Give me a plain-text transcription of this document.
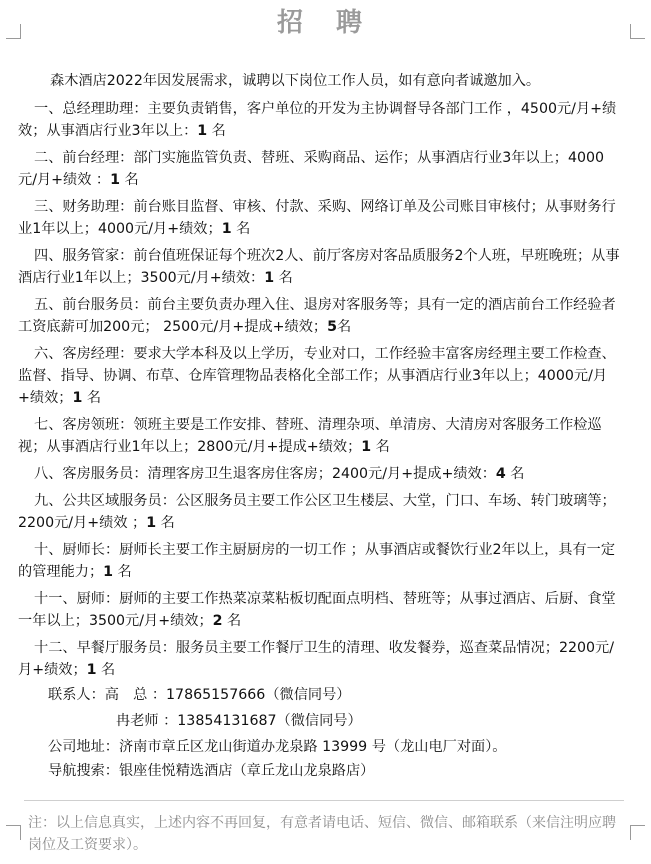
招 聘

森木酒店2022年因发展需求，诚聘以下岗位工作人员，如有意向者诚邀加入。

一、总经理助理：主要负责销售，客户单位的开发为主协调督导各部门工作 ，4500元/月+绩效；从事酒店行业3年以上：1 名

二、前台经理：部门实施监管负责、替班、采购商品、运作；从事酒店行业3年以上；4000元/月+绩效 ：1 名

三、财务助理：前台账目监督、审核、付款、采购、网络订单及公司账目审核付；从事财务行业1年以上；4000元/月+绩效；1 名

四、服务管家：前台值班保证每个班次2人、前厅客房对客品质服务2个人班，早班晚班；从事酒店行业1年以上；3500元/月+绩效：1 名

五、前台服务员：前台主要负责办理入住、退房对客服务等；具有一定的酒店前台工作经验者工资底薪可加200元； 2500元/月+提成+绩效；5名

六、客房经理：要求大学本科及以上学历，专业对口，工作经验丰富客房经理主要工作检查、监督、指导、协调、布草、仓库管理物品表格化全部工作；从事酒店行业3年以上；4000元/月+绩效；1 名

七、客房领班：领班主要是工作安排、替班、清理杂项、单清房、大清房对客服务工作检巡视；从事酒店行业1年以上；2800元/月+提成+绩效；1 名

八、客房服务员：清理客房卫生退客房住客房；2400元/月+提成+绩效：4 名

九、公共区域服务员：公区服务员主要工作公区卫生楼层、大堂，门口、车场、转门玻璃等；2200元/月+绩效 ；1 名

十、厨师长：厨师长主要工作主厨厨房的一切工作 ；从事酒店或餐饮行业2年以上，具有一定的管理能力；1 名

十一、厨师：厨师的主要工作热菜凉菜粘板切配面点明档、替班等；从事过酒店、后厨、食堂一年以上；3500元/月+绩效；2 名

十二、早餐厅服务员：服务员主要工作餐厅卫生的清理、收发餐券，巡查菜品情况；2200元/月+绩效；1 名

联系人：高　总 ：17865157666（微信同号）
冉老师 ：13854131687（微信同号）
公司地址：济南市章丘区龙山街道办龙泉路 13999 号（龙山电厂对面）。
导航搜索：银座佳悦精选酒店（章丘龙山龙泉路店）
注：以上信息真实，上述内容不再回复，有意者请电话、短信、微信、邮箱联系（来信注明应聘岗位及工资要求）。
